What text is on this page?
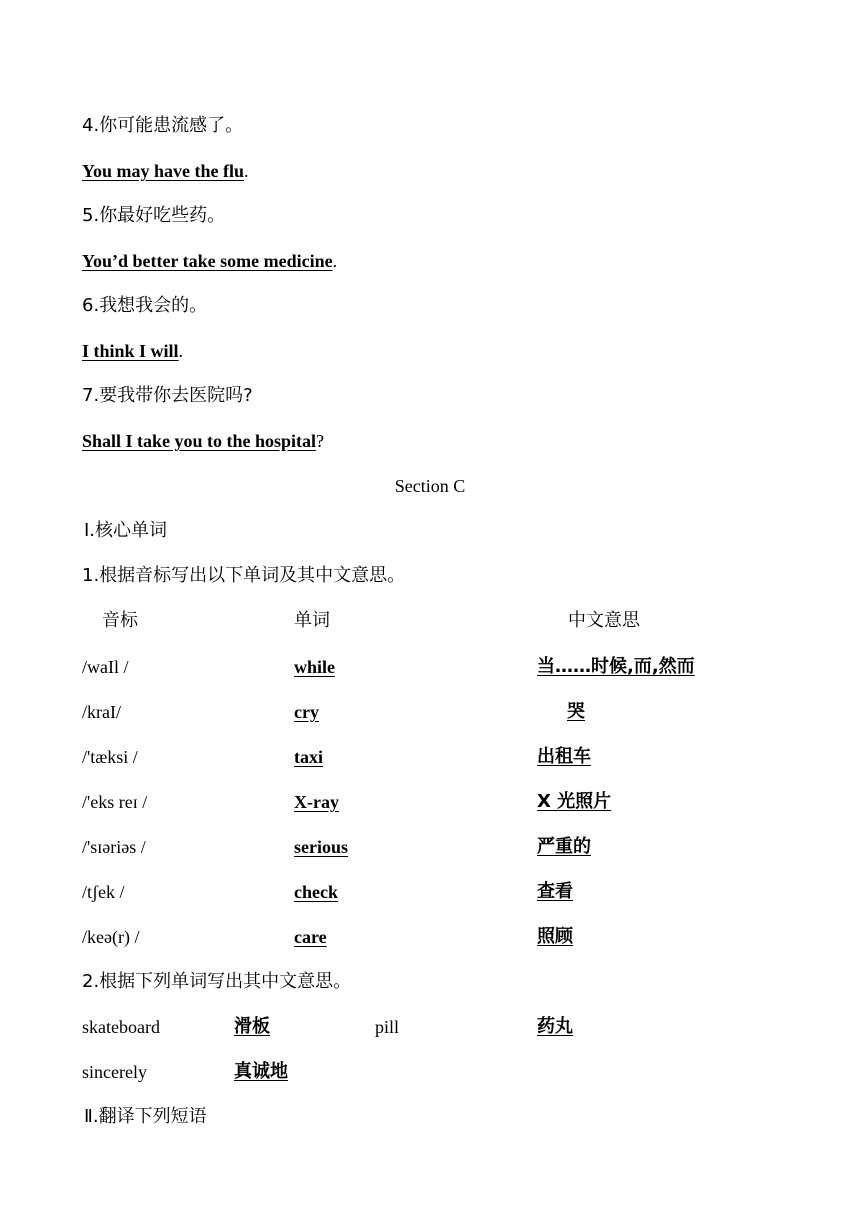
4.你可能患流感了。
You may have the flu.
5.你最好吃些药。
You’d better take some medicine.
6.我想我会的。
I think I will.
7.要我带你去医院吗?
Shall I take you to the hospital?
Section C
Ⅰ.核心单词
1.根据音标写出以下单词及其中文意思。
音标	单词	中文意思
/waIl /	while	当……时候,而,然而
/kraI/	cry	哭
/'tæksi /	taxi	出租车
/'eks reɪ /	X-ray	X 光照片
/'sɪəriəs /	serious	严重的
/tʃek /	check	查看
/keə(r) /	care	照顾
2.根据下列单词写出其中文意思。
skateboard	滑板	pill	药丸
sincerely	真诚地
Ⅱ.翻译下列短语
